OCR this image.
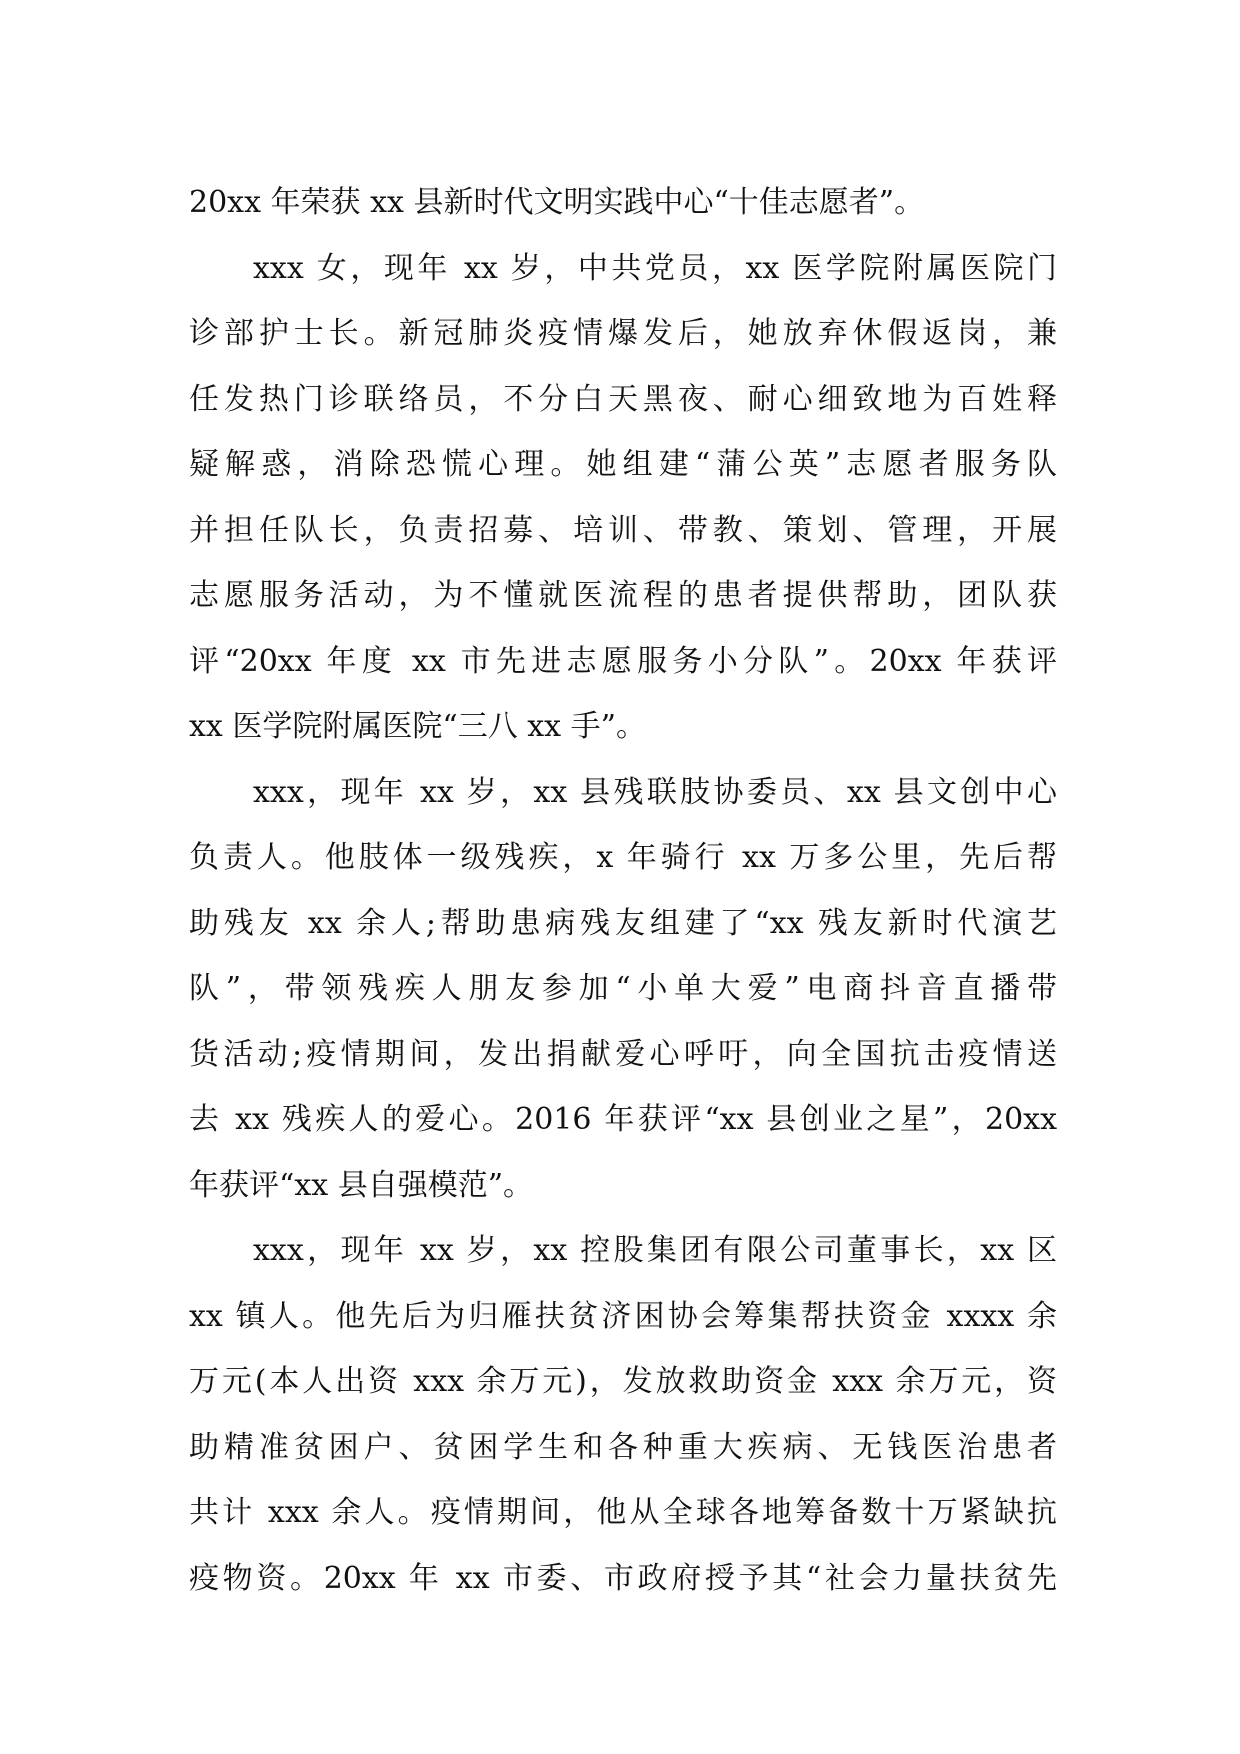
20xx 年荣获 xx 县新时代文明实践中心“十佳志愿者”。
xxx 女，现年 xx 岁，中共党员，xx 医学院附属医院门
诊部护士长。新冠肺炎疫情爆发后，她放弃休假返岗，兼
任发热门诊联络员，不分白天黑夜、耐心细致地为百姓释
疑解惑，消除恐慌心理。她组建“蒲公英”志愿者服务队
并担任队长，负责招募、培训、带教、策划、管理，开展
志愿服务活动，为不懂就医流程的患者提供帮助，团队获
评“20xx 年度 xx 市先进志愿服务小分队”。20xx 年获评
xx 医学院附属医院“三八 xx 手”。
xxx，现年 xx 岁，xx 县残联肢协委员、xx 县文创中心
负责人。他肢体一级残疾，x 年骑行 xx 万多公里，先后帮
助残友 xx 余人;帮助患病残友组建了“xx 残友新时代演艺
队”，带领残疾人朋友参加“小单大爱”电商抖音直播带
货活动;疫情期间，发出捐献爱心呼吁，向全国抗击疫情送
去 xx 残疾人的爱心。2016 年获评“xx 县创业之星”，20xx
年获评“xx 县自强模范”。
xxx，现年 xx 岁，xx 控股集团有限公司董事长，xx 区
xx 镇人。他先后为归雁扶贫济困协会筹集帮扶资金 xxxx 余
万元(本人出资 xxx 余万元)，发放救助资金 xxx 余万元，资
助精准贫困户、贫困学生和各种重大疾病、无钱医治患者
共计 xxx 余人。疫情期间，他从全球各地筹备数十万紧缺抗
疫物资。20xx 年 xx 市委、市政府授予其“社会力量扶贫先
